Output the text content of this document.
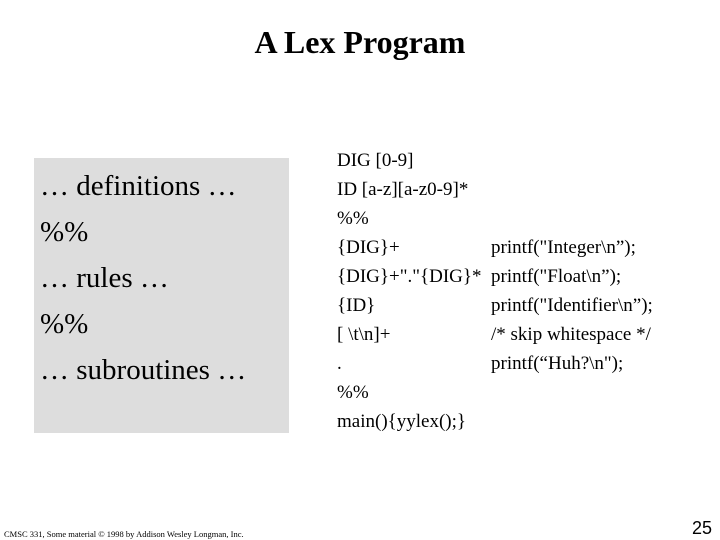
A Lex Program
… definitions …
%%
… rules …
%%
… subroutines …
DIG [0-9]
ID [a-z][a-z0-9]*
%%
{DIG}+
{DIG}+"."{DIG}*
{ID}
[ \t\n]+
.
%%
main(){yylex();}
printf("Integer\n”);
printf("Float\n”);
printf("Identifier\n”);
/* skip whitespace */
printf(“Huh?\n");
CMSC 331, Some material © 1998 by Addison Wesley Longman, Inc.	25
